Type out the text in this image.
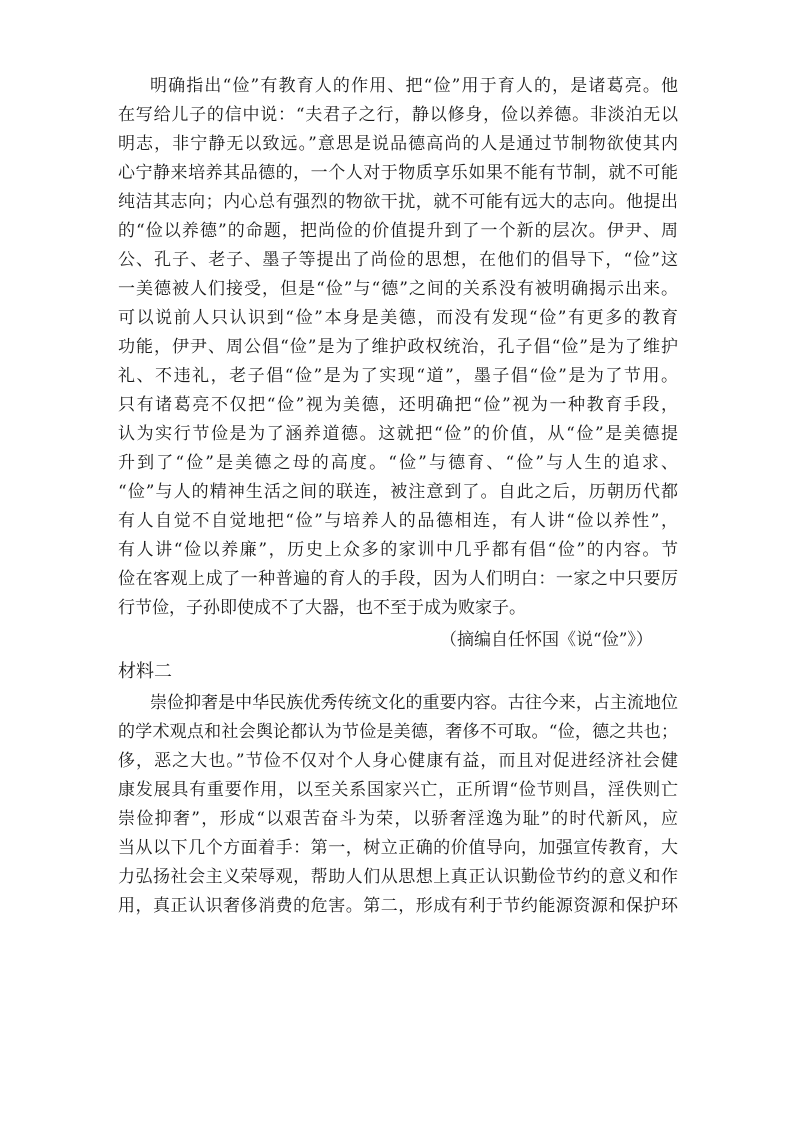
明确指出“俭”有教育人的作用、把“俭”用于育人的，是诸葛亮。他
在写给儿子的信中说：“夫君子之行，静以修身，俭以养德。非淡泊无以
明志，非宁静无以致远。”意思是说品德高尚的人是通过节制物欲使其内
心宁静来培养其品德的，一个人对于物质享乐如果不能有节制，就不可能
纯洁其志向；内心总有强烈的物欲干扰，就不可能有远大的志向。他提出
的“俭以养德”的命题，把尚俭的价值提升到了一个新的层次。伊尹、周
公、孔子、老子、墨子等提出了尚俭的思想，在他们的倡导下，“俭”这
一美德被人们接受，但是“俭”与“德”之间的关系没有被明确揭示出来。
可以说前人只认识到“俭”本身是美德，而没有发现“俭”有更多的教育
功能，伊尹、周公倡“俭”是为了维护政权统治，孔子倡“俭”是为了维护
礼、不违礼，老子倡“俭”是为了实现“道”，墨子倡“俭”是为了节用。
只有诸葛亮不仅把“俭”视为美德，还明确把“俭”视为一种教育手段，
认为实行节俭是为了涵养道德。这就把“俭”的价值，从“俭”是美德提
升到了“俭”是美德之母的高度。“俭”与德育、“俭”与人生的追求、
“俭”与人的精神生活之间的联连，被注意到了。自此之后，历朝历代都
有人自觉不自觉地把“俭”与培养人的品德相连，有人讲“俭以养性”，
有人讲“俭以养廉”，历史上众多的家训中几乎都有倡“俭”的内容。节
俭在客观上成了一种普遍的育人的手段，因为人们明白：一家之中只要厉
行节俭，子孙即使成不了大器，也不至于成为败家子。
（摘编自任怀国《说“俭”》）
材料二
崇俭抑奢是中华民族优秀传统文化的重要内容。古往今来，占主流地位
的学术观点和社会舆论都认为节俭是美德，奢侈不可取。“俭，德之共也；
侈，恶之大也。”节俭不仅对个人身心健康有益，而且对促进经济社会健
康发展具有重要作用，以至关系国家兴亡，正所谓“俭节则昌，淫佚则亡
崇俭抑奢”，形成“以艰苦奋斗为荣，以骄奢淫逸为耻”的时代新风，应
当从以下几个方面着手：第一，树立正确的价值导向，加强宣传教育，大
力弘扬社会主义荣辱观，帮助人们从思想上真正认识勤俭节约的意义和作
用，真正认识奢侈消费的危害。第二，形成有利于节约能源资源和保护环
